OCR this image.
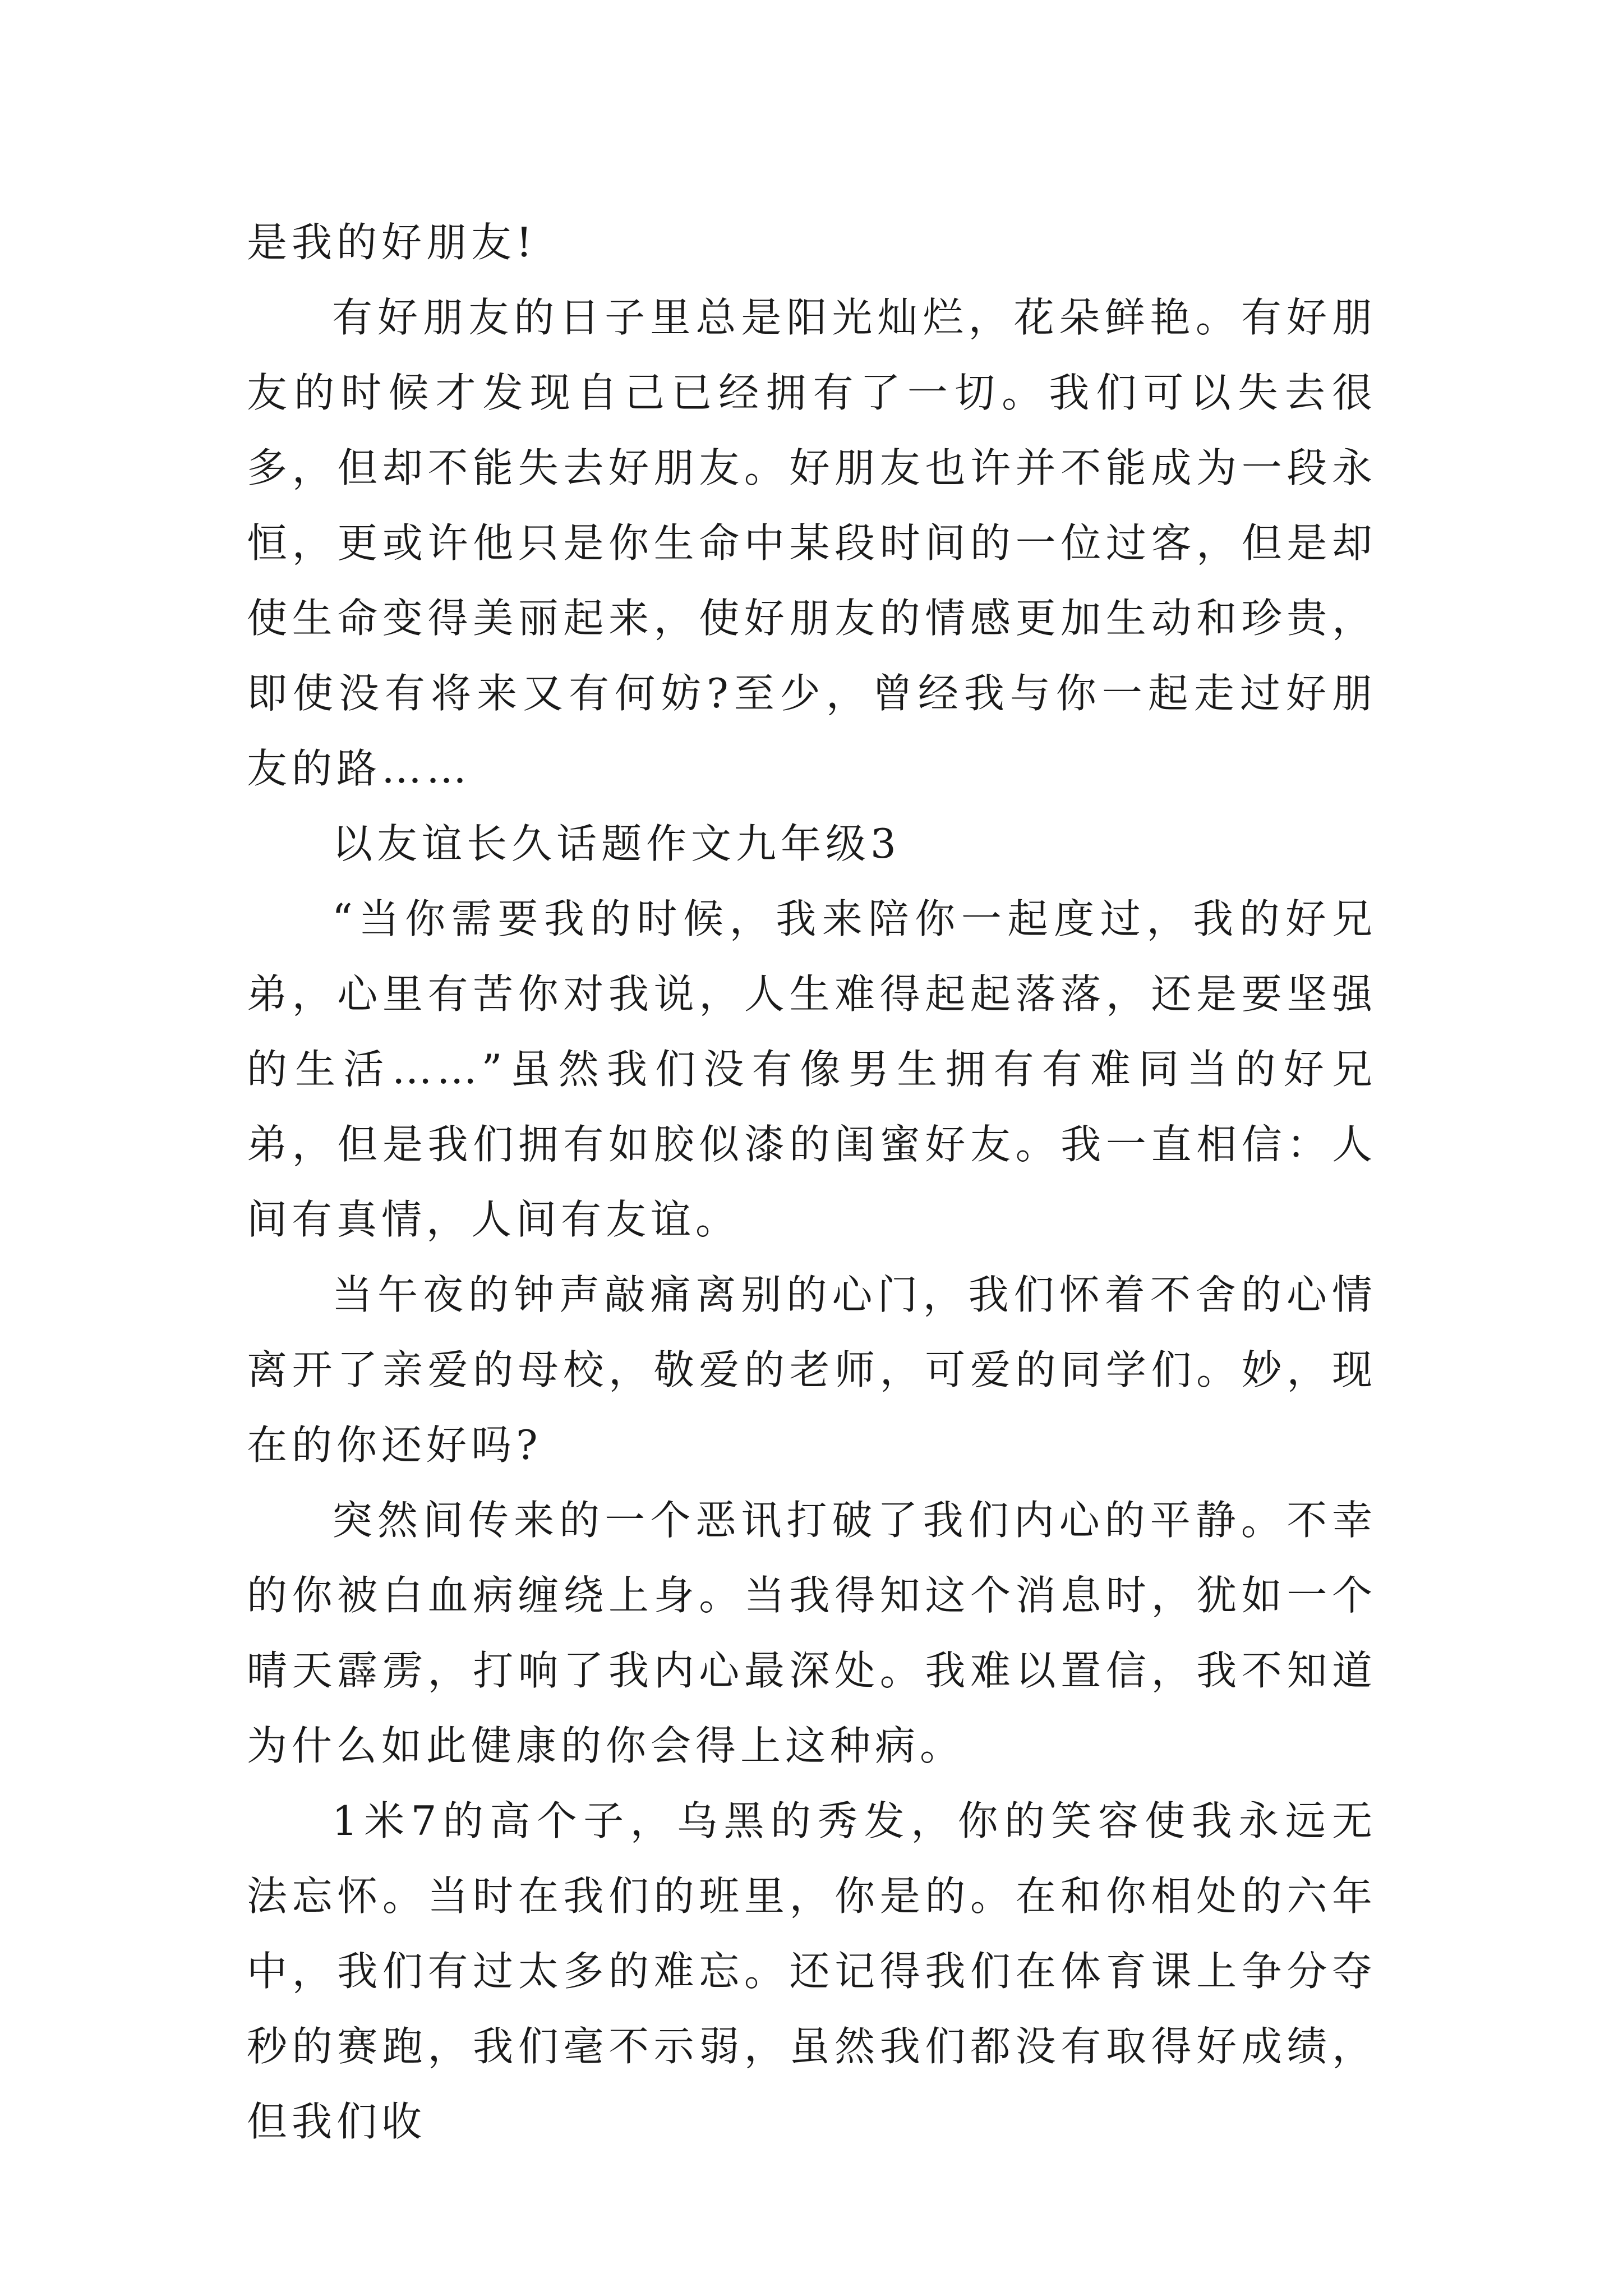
是我的好朋友!

有好朋友的日子里总是阳光灿烂，花朵鲜艳。有好朋友的时候才发现自己已经拥有了一切。我们可以失去很多，但却不能失去好朋友。好朋友也许并不能成为一段永恒，更或许他只是你生命中某段时间的一位过客，但是却使生命变得美丽起来，使好朋友的情感更加生动和珍贵，即使没有将来又有何妨?至少，曾经我与你一起走过好朋友的路……

以友谊长久话题作文九年级3

“当你需要我的时候，我来陪你一起度过，我的好兄弟，心里有苦你对我说，人生难得起起落落，还是要坚强的生活……”虽然我们没有像男生拥有有难同当的好兄弟，但是我们拥有如胶似漆的闺蜜好友。我一直相信：人间有真情，人间有友谊。

当午夜的钟声敲痛离别的心门，我们怀着不舍的心情离开了亲爱的母校，敬爱的老师，可爱的同学们。妙，现在的你还好吗?

突然间传来的一个恶讯打破了我们内心的平静。不幸的你被白血病缠绕上身。当我得知这个消息时，犹如一个晴天霹雳，打响了我内心最深处。我难以置信，我不知道为什么如此健康的你会得上这种病。

1米7的高个子，乌黑的秀发，你的笑容使我永远无法忘怀。当时在我们的班里，你是的。在和你相处的六年中，我们有过太多的难忘。还记得我们在体育课上争分夺秒的赛跑，我们毫不示弱，虽然我们都没有取得好成绩，但我们收
